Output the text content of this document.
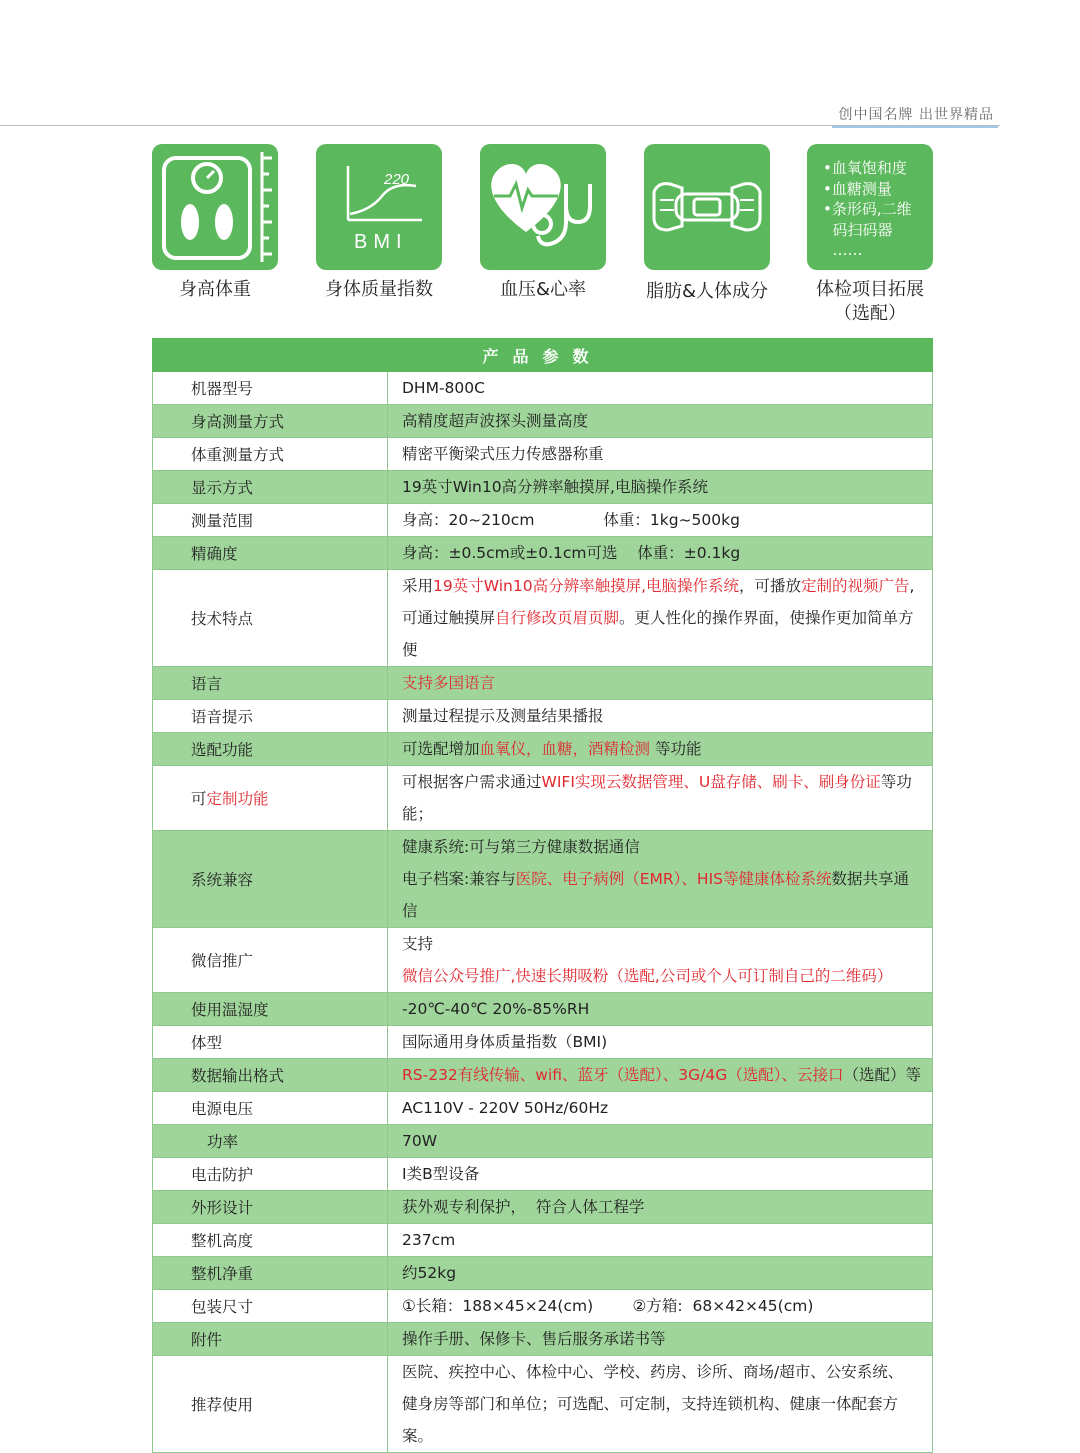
创中国名牌 出世界精品
身高体重
220
BMI
身体质量指数	血压&心率	脂肪&人体成分
•血氧饱和度
•血糖测量
•条形码,二维
码扫码器
……
体检项目拓展
（选配）
产品参数	
机器型号	DHM-800C
身高测量方式	高精度超声波探头测量高度
体重测量方式	精密平衡梁式压力传感器称重
显示方式	19英寸Win10高分辨率触摸屏,电脑操作系统
测量范围	身高：20~210cm              体重：1kg~500kg
精确度	身高：±0.5cm或±0.1cm可选    体重：±0.1kg
技术特点	采用19英寸Win10高分辨率触摸屏,电脑操作系统，可播放定制的视频广告,
可通过触摸屏自行修改页眉页脚。更人性化的操作界面，使操作更加简单方便

语言	支持多国语言
语音提示	测量过程提示及测量结果播报
选配功能	可选配增加血氧仪，血糖，酒精检测 等功能
可定制功能	可根据客户需求通过WIFI实现云数据管理、U盘存储、刷卡、刷身份证等功能；
系统兼容	健康系统:可与第三方健康数据通信
电子档案:兼容与医院、电子病例（EMR）、HIS等健康体检系统数据共享通信

微信推广	支持微信公众号推广,快速长期吸粉（选配,公司或个人可订制自己的二维码）
使用温湿度	-20℃-40℃ 20%-85%RH
体型	国际通用身体质量指数（BMI)
数据输出格式	RS-232有线传输、wifi、蓝牙（选配）、3G/4G（选配）、云接口（选配）等
电源电压	AC110V - 220V 50Hz/60Hz
功率	70W
电击防护	I类B型设备
外形设计	获外观专利保护，  符合人体工程学
整机高度	237cm
整机净重	约52kg
包装尺寸	①长箱：188×45×24(cm)        ②方箱:  68×42×45(cm)
附件	操作手册、保修卡、售后服务承诺书等
推荐使用	医院、疾控中心、体检中心、学校、药房、诊所、商场/超市、公安系统、
健身房等部门和单位；可选配、可定制，支持连锁机构、健康一体配套方案。
